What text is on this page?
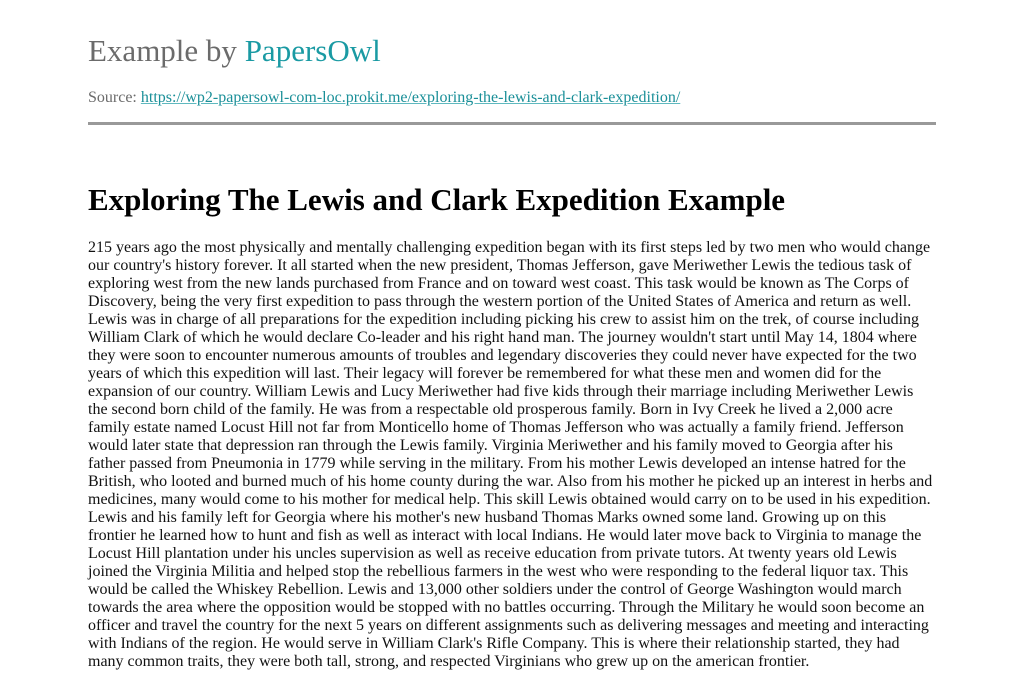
Example by PapersOwl
Source: https://wp2-papersowl-com-loc.prokit.me/exploring-the-lewis-and-clark-expedition/
Exploring The Lewis and Clark Expedition Example

215 years ago the most physically and mentally challenging expedition began with its first steps led by two men who would change
our country's history forever. It all started when the new president, Thomas Jefferson, gave Meriwether Lewis the tedious task of
exploring west from the new lands purchased from France and on toward west coast. This task would be known as The Corps of
Discovery, being the very first expedition to pass through the western portion of the United States of America and return as well.
Lewis was in charge of all preparations for the expedition including picking his crew to assist him on the trek, of course including
William Clark of which he would declare Co-leader and his right hand man. The journey wouldn't start until May 14, 1804 where
they were soon to encounter numerous amounts of troubles and legendary discoveries they could never have expected for the two
years of which this expedition will last. Their legacy will forever be remembered for what these men and women did for the
expansion of our country. William Lewis and Lucy Meriwether had five kids through their marriage including Meriwether Lewis
the second born child of the family. He was from a respectable old prosperous family. Born in Ivy Creek he lived a 2,000 acre
family estate named Locust Hill not far from Monticello home of Thomas Jefferson who was actually a family friend. Jefferson
would later state that depression ran through the Lewis family. Virginia Meriwether and his family moved to Georgia after his
father passed from Pneumonia in 1779 while serving in the military. From his mother Lewis developed an intense hatred for the
British, who looted and burned much of his home county during the war. Also from his mother he picked up an interest in herbs and
medicines, many would come to his mother for medical help. This skill Lewis obtained would carry on to be used in his expedition.
Lewis and his family left for Georgia where his mother's new husband Thomas Marks owned some land. Growing up on this
frontier he learned how to hunt and fish as well as interact with local Indians. He would later move back to Virginia to manage the
Locust Hill plantation under his uncles supervision as well as receive education from private tutors. At twenty years old Lewis
joined the Virginia Militia and helped stop the rebellious farmers in the west who were responding to the federal liquor tax. This
would be called the Whiskey Rebellion. Lewis and 13,000 other soldiers under the control of George Washington would march
towards the area where the opposition would be stopped with no battles occurring. Through the Military he would soon become an
officer and travel the country for the next 5 years on different assignments such as delivering messages and meeting and interacting
with Indians of the region. He would serve in William Clark's Rifle Company. This is where their relationship started, they had
many common traits, they were both tall, strong, and respected Virginians who grew up on the american frontier.
